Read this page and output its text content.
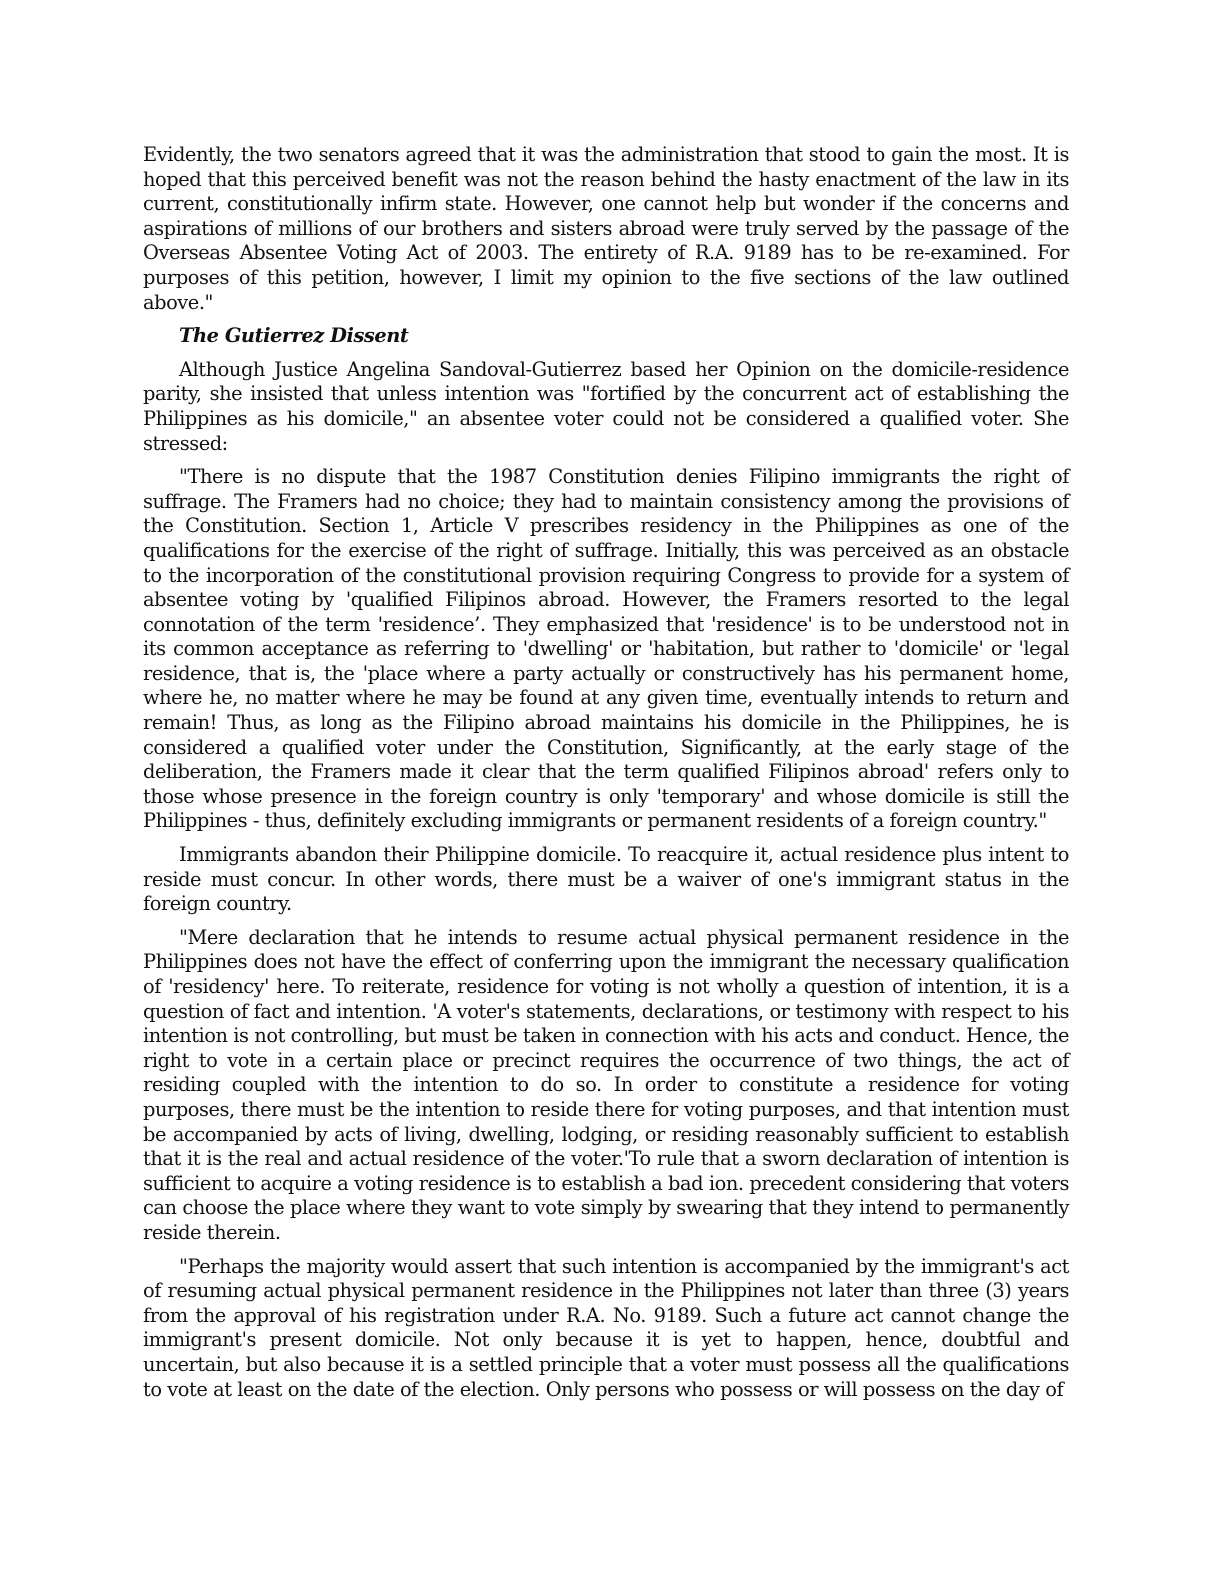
Evidently, the two senators agreed that it was the administration that stood to gain the most. It is hoped that this perceived benefit was not the reason behind the hasty enactment of the law in its current, constitutionally infirm state. However, one cannot help but wonder if the concerns and aspirations of millions of our brothers and sisters abroad were truly served by the passage of the Overseas Absentee Voting Act of 2003. The entirety of R.A. 9189 has to be re-examined. For purposes of this petition, however, I limit my opinion to the five sections of the law outlined above."

The Gutierrez Dissent

Although Justice Angelina Sandoval-Gutierrez based her Opinion on the domicile-residence parity, she insisted that unless intention was "fortified by the concurrent act of establishing the Philippines as his domicile," an absentee voter could not be considered a qualified voter. She stressed:

"There is no dispute that the 1987 Constitution denies Filipino immigrants the right of suffrage. The Framers had no choice; they had to maintain consistency among the provisions of the Constitution. Section 1, Article V prescribes residency in the Philippines as one of the qualifications for the exercise of the right of suffrage. Initially, this was perceived as an obstacle to the incorporation of the constitutional provision requiring Congress to provide for a system of absentee voting by 'qualified Filipinos abroad. However, the Framers resorted to the legal connotation of the term 'residence’. They emphasized that 'residence' is to be understood not in its common acceptance as referring to 'dwelling' or 'habitation, but rather to 'domicile' or 'legal residence, that is, the 'place where a party actually or constructively has his permanent home, where he, no matter where he may be found at any given time, eventually intends to return and remain! Thus, as long as the Filipino abroad maintains his domicile in the Philippines, he is considered a qualified voter under the Constitution, Significantly, at the early stage of the deliberation, the Framers made it clear that the term qualified Filipinos abroad' refers only to those whose presence in the foreign country is only 'temporary' and whose domicile is still the Philippines - thus, definitely excluding immigrants or permanent residents of a foreign country."

Immigrants abandon their Philippine domicile. To reacquire it, actual residence plus intent to reside must concur. In other words, there must be a waiver of one's immigrant status in the foreign country.

"Mere declaration that he intends to resume actual physical permanent residence in the Philippines does not have the effect of conferring upon the immigrant the necessary qualification of 'residency' here. To reiterate, residence for voting is not wholly a question of intention, it is a question of fact and intention. 'A voter's statements, declarations, or testimony with respect to his intention is not controlling, but must be taken in connection with his acts and conduct. Hence, the right to vote in a certain place or precinct requires the occurrence of two things, the act of residing coupled with the intention to do so. In order to constitute a residence for voting purposes, there must be the intention to reside there for voting purposes, and that intention must be accompanied by acts of living, dwelling, lodging, or residing reasonably sufficient to establish that it is the real and actual residence of the voter.'To rule that a sworn declaration of intention is sufficient to acquire a voting residence is to establish a bad ion. precedent considering that voters can choose the place where they want to vote simply by swearing that they intend to permanently reside therein.

"Perhaps the majority would assert that such intention is accompanied by the immigrant's act of resuming actual physical permanent residence in the Philippines not later than three (3) years from the approval of his registration under R.A. No. 9189. Such a future act cannot change the immigrant's present domicile. Not only because it is yet to happen, hence, doubtful and uncertain, but also because it is a settled principle that a voter must possess all the qualifications to vote at least on the date of the election. Only persons who possess or will possess on the day of
